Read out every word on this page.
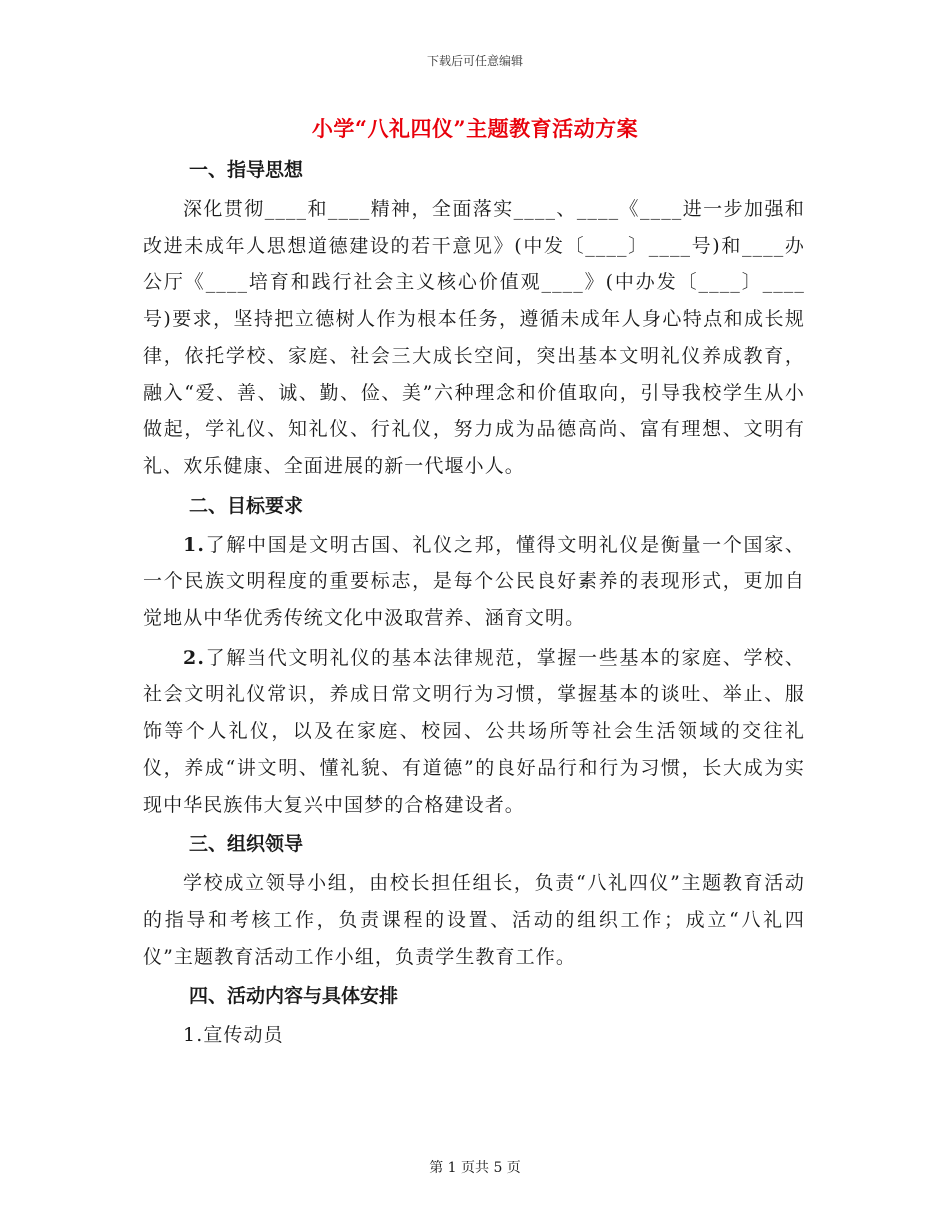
下载后可任意编辑
小学“八礼四仪”主题教育活动方案
一、指导思想
深化贯彻____和____精神，全面落实____、____《____进一步加强和改进未成年人思想道德建设的若干意见》(中发〔____〕____号)和____办公厅《____培育和践行社会主义核心价值观____》(中办发〔____〕____号)要求，坚持把立德树人作为根本任务，遵循未成年人身心特点和成长规律，依托学校、家庭、社会三大成长空间，突出基本文明礼仪养成教育，融入“爱、善、诚、勤、俭、美”六种理念和价值取向，引导我校学生从小做起，学礼仪、知礼仪、行礼仪，努力成为品德高尚、富有理想、文明有礼、欢乐健康、全面进展的新一代堰小人。
二、目标要求
1.了解中国是文明古国、礼仪之邦，懂得文明礼仪是衡量一个国家、一个民族文明程度的重要标志，是每个公民良好素养的表现形式，更加自觉地从中华优秀传统文化中汲取营养、涵育文明。
2.了解当代文明礼仪的基本法律规范，掌握一些基本的家庭、学校、社会文明礼仪常识，养成日常文明行为习惯，掌握基本的谈吐、举止、服饰等个人礼仪，以及在家庭、校园、公共场所等社会生活领域的交往礼仪，养成“讲文明、懂礼貌、有道德”的良好品行和行为习惯，长大成为实现中华民族伟大复兴中国梦的合格建设者。
三、组织领导
学校成立领导小组，由校长担任组长，负责“八礼四仪”主题教育活动的指导和考核工作，负责课程的设置、活动的组织工作；成立“八礼四仪”主题教育活动工作小组，负责学生教育工作。
四、活动内容与具体安排
1.宣传动员
第 1 页共 5 页
